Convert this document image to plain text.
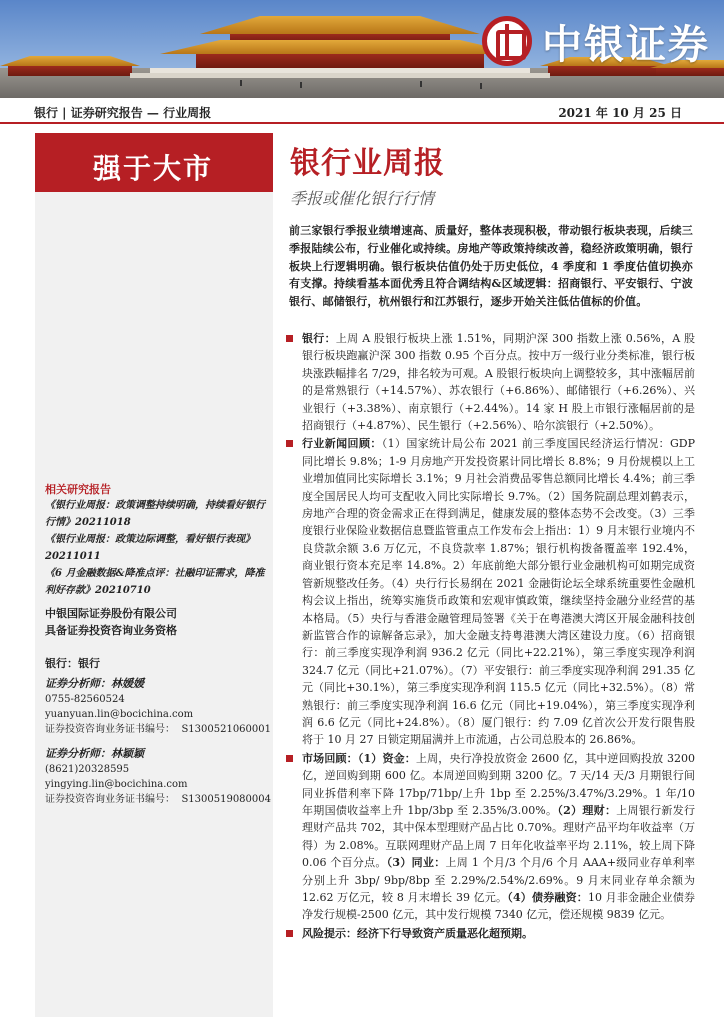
中银证券
银行 | 证券研究报告 — 行业周报	2021 年 10 月 25 日
强于大市
相关研究报告
《银行业周报：政策调整持续明确，持续看好银行行情》20211018
《银行业周报：政策边际调整，看好银行表现》20211011
《6 月金融数据&降准点评：社融印证需求，降准利好存款》20210710
中银国际证券股份有限公司
具备证券投资咨询业务资格
银行：银行
证券分析师：林媛媛
0755-82560524
yuanyuan.lin@bocichina.com
证券投资咨询业务证书编号： S1300521060001
证券分析师：林颖颖
(8621)20328595
yingying.lin@bocichina.com
证券投资咨询业务证书编号： S1300519080004
银行业周报
季报或催化银行行情
前三家银行季报业绩增速高、质量好，整体表现积极，带动银行板块表现，后续三季报陆续公布，行业催化或持续。房地产等政策持续改善，稳经济政策明确，银行板块上行逻辑明确。银行板块估值仍处于历史低位，4 季度和 1 季度估值切换亦有支撑。持续看基本面优秀且符合调结构&区域逻辑：招商银行、平安银行、宁波银行、邮储银行，杭州银行和江苏银行，逐步开始关注低估值标的价值。
银行：上周 A 股银行板块上涨 1.51%，同期沪深 300 指数上涨 0.56%，A 股银行板块跑赢沪深 300 指数 0.95 个百分点。按中万一级行业分类标准，银行板块涨跌幅排名 7/29，排名较为可观。A 股银行板块向上调整较多，其中涨幅居前的是常熟银行（+14.57%）、苏农银行（+6.86%）、邮储银行（+6.26%）、兴业银行（+3.38%）、南京银行（+2.44%）。14 家 H 股上市银行涨幅居前的是招商银行（+4.87%）、民生银行（+2.56%）、哈尔滨银行（+2.50%）。
行业新闻回顾：（1）国家统计局公布 2021 前三季度国民经济运行情况：GDP 同比增长 9.8%；1-9 月房地产开发投资累计同比增长 8.8%；9 月份规模以上工业增加值同比实际增长 3.1%；9 月社会消费品零售总额同比增长 4.4%；前三季度全国居民人均可支配收入同比实际增长 9.7%。（2）国务院副总理刘鹤表示，房地产合理的资金需求正在得到满足，健康发展的整体态势不会改变。（3）三季度银行业保险业数据信息暨监管重点工作发布会上指出：1）9 月末银行业境内不良贷款余额 3.6 万亿元，不良贷款率 1.87%；银行机构拨备覆盖率 192.4%，商业银行资本充足率 14.8%。2）年底前绝大部分银行业金融机构可如期完成资管新规整改任务。（4）央行行长易纲在 2021 金融街论坛全球系统重要性金融机构会议上指出，统筹实施货币政策和宏观审慎政策，继续坚持金融分业经营的基本格局。（5）央行与香港金融管理局签署《关于在粤港澳大湾区开展金融科技创新监管合作的谅解备忘录》，加大金融支持粤港澳大湾区建设力度。（6）招商银行：前三季度实现净利润 936.2 亿元（同比+22.21%），第三季度实现净利润 324.7 亿元（同比+21.07%）。（7）平安银行：前三季度实现净利润 291.35 亿元（同比+30.1%），第三季度实现净利润 115.5 亿元（同比+32.5%）。（8）常熟银行：前三季度实现净利润 16.6 亿元（同比+19.04%），第三季度实现净利润 6.6 亿元（同比+24.8%）。（8）厦门银行：约 7.09 亿首次公开发行限售股将于 10 月 27 日锁定期届满并上市流通，占公司总股本的 26.86%。
市场回顾：（1）资金：上周，央行净投放资金 2600 亿，其中逆回购投放 3200 亿，逆回购到期 600 亿。本周逆回购到期 3200 亿。7 天/14 天/3 月期银行间同业拆借利率下降 17bp/71bp/上升 1bp 至 2.25%/3.47%/3.29%。1 年/10 年期国债收益率上升 1bp/3bp 至 2.35%/3.00%。（2）理财：上周银行新发行理财产品共 702，其中保本型理财产品占比 0.70%。理财产品平均年收益率（万得）为 2.08%。互联网理财产品上周 7 日年化收益率平均 2.11%，较上周下降 0.06 个百分点。（3）同业：上周 1 个月/3 个月/6 个月 AAA+级同业存单利率分别上升 3bp/ 9bp/8bp 至 2.29%/2.54%/2.69%。9 月末同业存单余额为 12.62 万亿元，较 8 月末增长 39 亿元。（4）债券融资：10 月非金融企业债券净发行规模-2500 亿元，其中发行规模 7340 亿元，偿还规模 9839 亿元。
风险提示：经济下行导致资产质量恶化超预期。
